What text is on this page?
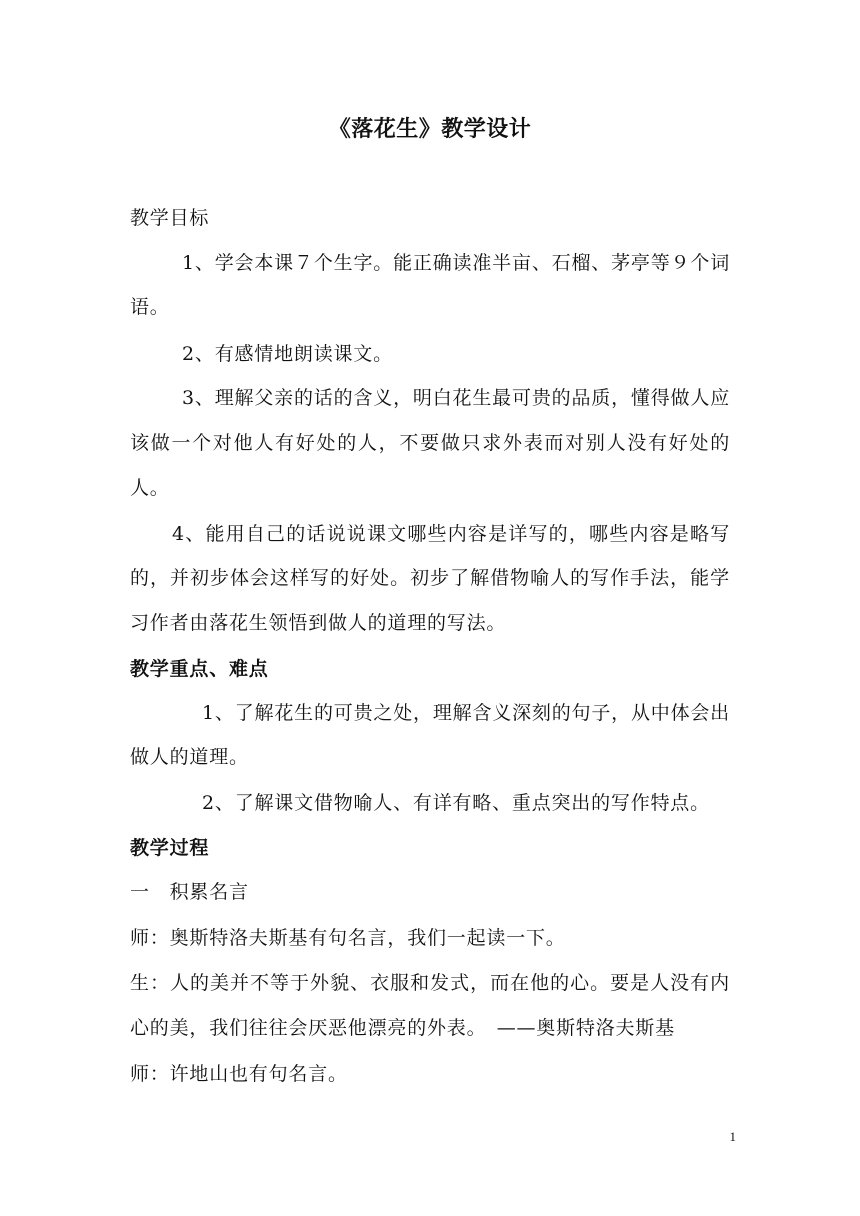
《落花生》教学设计
教学目标
1、学会本课７个生字。能正确读准半亩、石榴、茅亭等９个词
语。
2、有感情地朗读课文。
3、理解父亲的话的含义，明白花生最可贵的品质，懂得做人应
该做一个对他人有好处的人，不要做只求外表而对别人没有好处的
人。
4、能用自己的话说说课文哪些内容是详写的，哪些内容是略写
的，并初步体会这样写的好处。初步了解借物喻人的写作手法，能学
习作者由落花生领悟到做人的道理的写法。
教学重点、难点
1、了解花生的可贵之处，理解含义深刻的句子，从中体会出
做人的道理。
2、了解课文借物喻人、有详有略、重点突出的写作特点。
教学过程
一　积累名言
师：奥斯特洛夫斯基有句名言，我们一起读一下。
生：人的美并不等于外貌、衣服和发式，而在他的心。要是人没有内
心的美，我们往往会厌恶他漂亮的外表。　——奥斯特洛夫斯基
师：许地山也有句名言。
1
